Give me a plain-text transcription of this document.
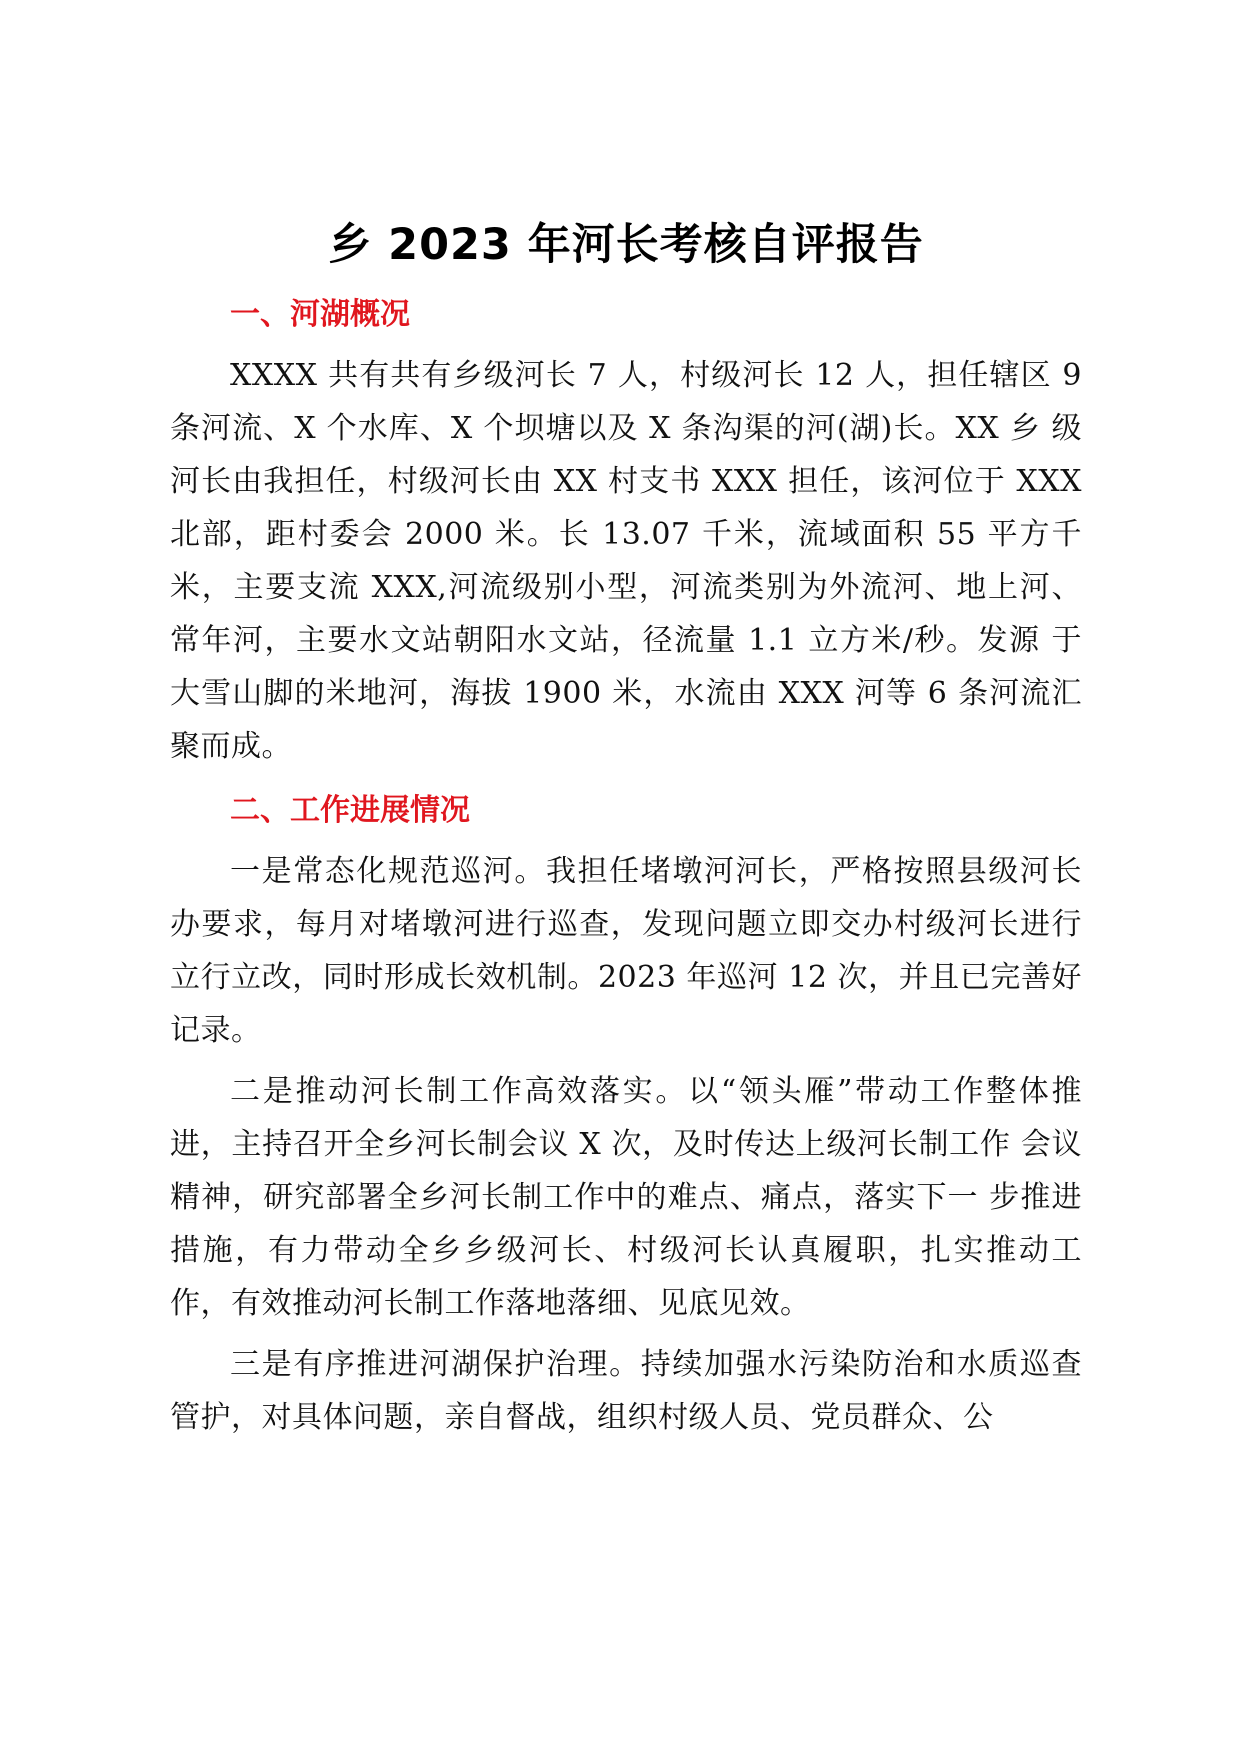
乡 2023 年河长考核自评报告
一、河湖概况

XXXX 共有共有乡级河长 7 人，村级河长 12 人，担任辖区 9 条河流、X 个水库、X 个坝塘以及 X 条沟渠的河(湖)长。XX 乡 级河长由我担任，村级河长由 XX 村支书 XXX 担任，该河位于 XXX 北部，距村委会 2000 米。长 13.07 千米，流域面积 55 平方千 米，主要支流 XXX,河流级别小型，河流类别为外流河、地上河、 常年河，主要水文站朝阳水文站，径流量 1.1 立方米/秒。发源 于大雪山脚的米地河，海拔 1900 米，水流由 XXX 河等 6 条河流汇聚而成。

二、工作进展情况

一是常态化规范巡河。我担任堵墩河河长，严格按照县级河长办要求，每月对堵墩河进行巡查，发现问题立即交办村级河长进行立行立改，同时形成长效机制。2023 年巡河 12 次，并且已完善好记录。

二是推动河长制工作高效落实。以“领头雁”带动工作整体推进，主持召开全乡河长制会议 X 次，及时传达上级河长制工作 会议精神，研究部署全乡河长制工作中的难点、痛点，落实下一 步推进措施，有力带动全乡乡级河长、村级河长认真履职，扎实推动工作，有效推动河长制工作落地落细、见底见效。

三是有序推进河湖保护治理。持续加强水污染防治和水质巡查管护，对具体问题，亲自督战，组织村级人员、党员群众、公
